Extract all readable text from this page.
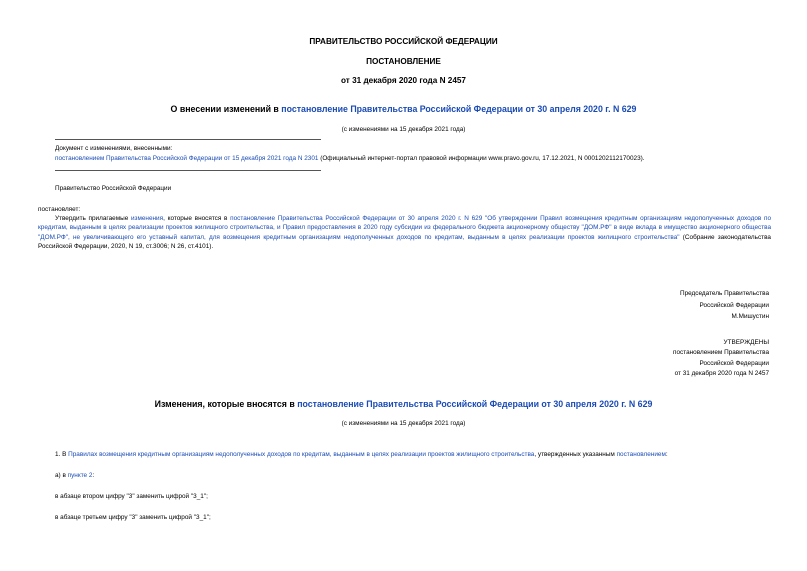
ПРАВИТЕЛЬСТВО РОССИЙСКОЙ ФЕДЕРАЦИИ
ПОСТАНОВЛЕНИЕ
от 31 декабря 2020 года N 2457
О внесении изменений в постановление Правительства Российской Федерации от 30 апреля 2020 г. N 629
(с изменениями на 15 декабря 2021 года)
Документ с изменениями, внесенными:
постановлением Правительства Российской Федерации от 15 декабря 2021 года N 2301 (Официальный интернет-портал правовой информации www.pravo.gov.ru, 17.12.2021, N 0001202112170023).
Правительство Российской Федерации
постановляет:
Утвердить прилагаемые изменения, которые вносятся в постановление Правительства Российской Федерации от 30 апреля 2020 г. N 629 "Об утверждении Правил возмещения кредитным организациям недополученных доходов по кредитам, выданным в целях реализации проектов жилищного строительства, и Правил предоставления в 2020 году субсидии из федерального бюджета акционерному обществу "ДОМ.РФ" в виде вклада в имущество акционерного общества "ДОМ.РФ", не увеличивающего его уставный капитал, для возмещения кредитным организациям недополученных доходов по кредитам, выданным в целях реализации проектов жилищного строительства" (Собрание законодательства Российской Федерации, 2020, N 19, ст.3006; N 26, ст.4101).
Председатель Правительства
Российской Федерации
М.Мишустин
УТВЕРЖДЕНЫ
постановлением Правительства
Российской Федерации
от 31 декабря 2020 года N 2457
Изменения, которые вносятся в постановление Правительства Российской Федерации от 30 апреля 2020 г. N 629
(с изменениями на 15 декабря 2021 года)
1. В Правилах возмещения кредитным организациям недополученных доходов по кредитам, выданным в целях реализации проектов жилищного строительства, утвержденных указанным постановлением:
а) в пункте 2:
в абзаце втором цифру "3" заменить цифрой "3_1";
в абзаце третьем цифру "3" заменить цифрой "3_1";
